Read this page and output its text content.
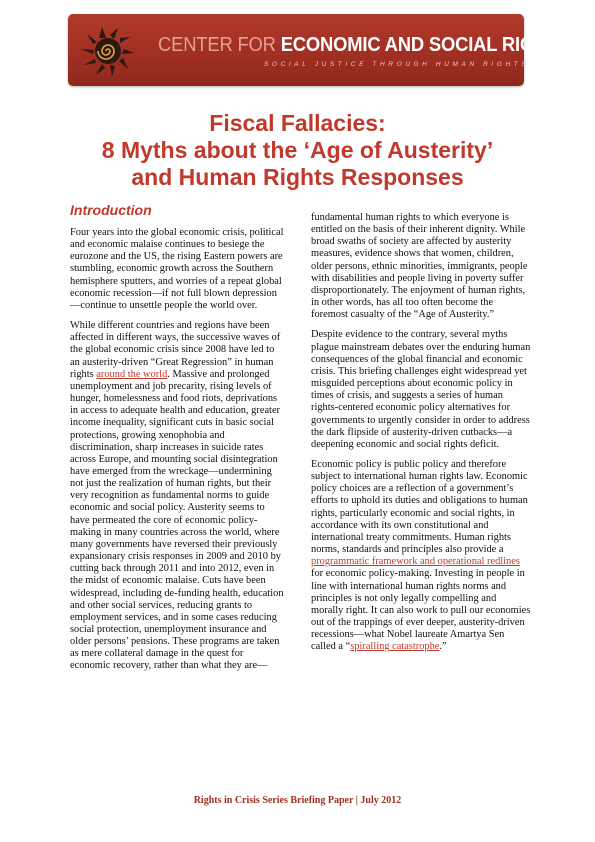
CENTER FOR ECONOMIC AND SOCIAL RIGHTS
SOCIAL JUSTICE THROUGH HUMAN RIGHTS
Fiscal Fallacies:
8 Myths about the ‘Age of Austerity’
and Human Rights Responses
Introduction

Four years into the global economic crisis, political and economic malaise continues to besiege the eurozone and the US, the rising Eastern powers are stumbling, economic growth across the Southern hemisphere sputters, and worries of a repeat global economic recession—if not full blown depression—continue to unsettle people the world over.

While different countries and regions have been affected in different ways, the successive waves of the global economic crisis since 2008 have led to an austerity-driven “Great Regression” in human rights around the world. Massive and prolonged unemployment and job precarity, rising levels of hunger, homelessness and food riots, deprivations in access to adequate health and education, greater income inequality, significant cuts in basic social protections, growing xenophobia and discrimination, sharp increases in suicide rates across Europe, and mounting social disintegration have emerged from the wreckage—undermining not just the realization of human rights, but their very recognition as fundamental norms to guide economic and social policy. Austerity seems to have permeated the core of economic policy-making in many countries across the world, where many governments have reversed their previously expansionary crisis responses in 2009 and 2010 by cutting back through 2011 and into 2012, even in the midst of economic malaise. Cuts have been widespread, including de-funding health, education and other social services, reducing grants to employment services, and in some cases reducing social protection, unemployment insurance and older persons’ pensions. These programs are taken as mere collateral damage in the quest for economic recovery, rather than what they are—

fundamental human rights to which everyone is entitled on the basis of their inherent dignity. While broad swaths of society are affected by austerity measures, evidence shows that women, children, older persons, ethnic minorities, immigrants, people with disabilities and people living in poverty suffer disproportionately. The enjoyment of human rights, in other words, has all too often become the foremost casualty of the “Age of Austerity.”

Despite evidence to the contrary, several myths plague mainstream debates over the enduring human consequences of the global financial and economic crisis. This briefing challenges eight widespread yet misguided perceptions about economic policy in times of crisis, and suggests a series of human rights-centered economic policy alternatives for governments to urgently consider in order to address the dark flipside of austerity-driven cutbacks—a deepening economic and social rights deficit.

Economic policy is public policy and therefore subject to international human rights law. Economic policy choices are a reflection of a government’s efforts to uphold its duties and obligations to human rights, particularly economic and social rights, in accordance with its own constitutional and international treaty commitments. Human rights norms, standards and principles also provide a programmatic framework and operational redlines for economic policy-making. Investing in people in line with international human rights norms and principles is not only legally compelling and morally right. It can also work to pull our economies out of the trappings of ever deeper, austerity-driven recessions—what Nobel laureate Amartya Sen called a “spiralling catastrophe.”

Rights in Crisis Series Briefing Paper | July 2012
